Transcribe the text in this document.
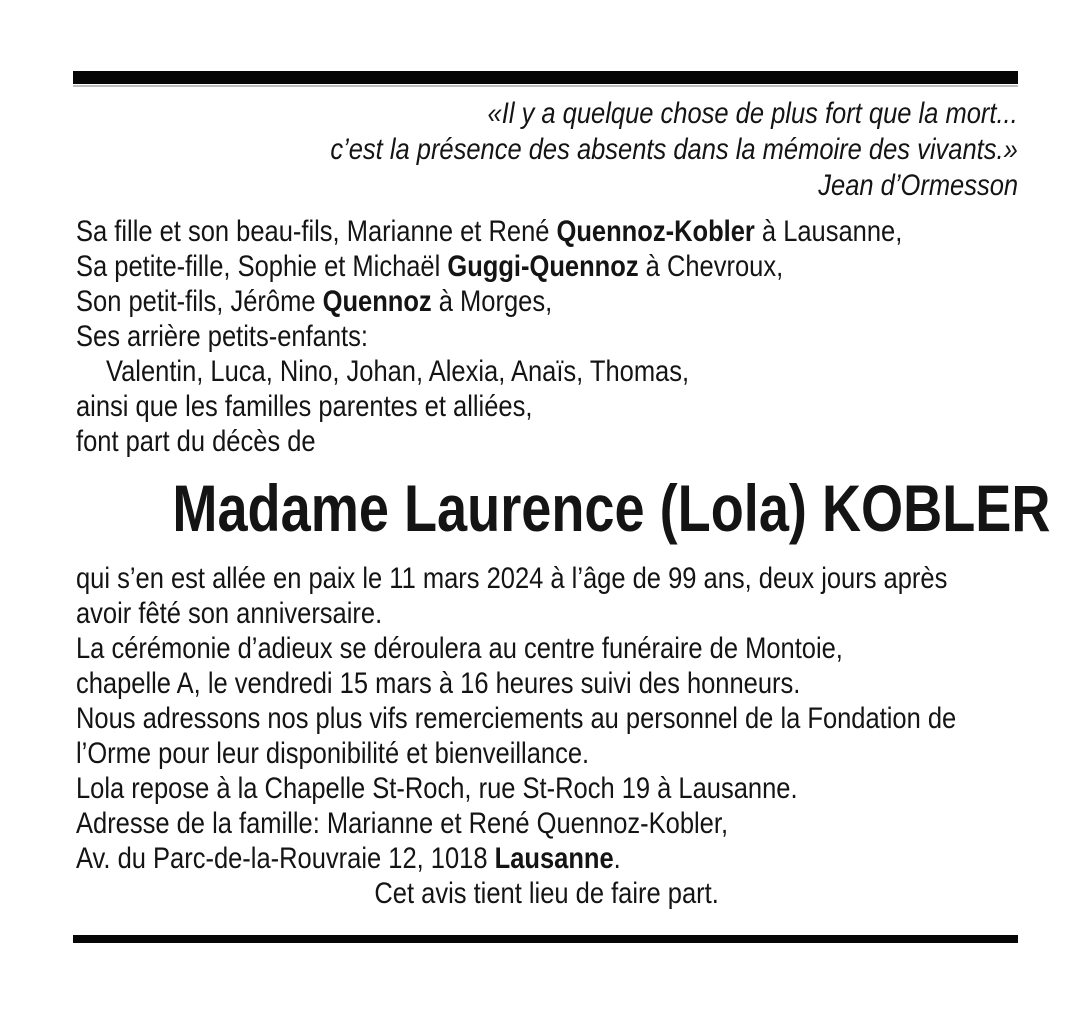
«Il y a quelque chose de plus fort que la mort...
c’est la présence des absents dans la mémoire des vivants.»
Jean d’Ormesson
Sa fille et son beau-fils, Marianne et René Quennoz-Kobler à Lausanne,
Sa petite-fille, Sophie et Michaël Guggi-Quennoz à Chevroux,
Son petit-fils, Jérôme Quennoz à Morges,
Ses arrière petits-enfants:
Valentin, Luca, Nino, Johan, Alexia, Anaïs, Thomas,
ainsi que les familles parentes et alliées,
font part du décès de
Madame Laurence (Lola) KOBLER
qui s’en est allée en paix le 11 mars 2024 à l’âge de 99 ans, deux jours après
avoir fêté son anniversaire.
La cérémonie d’adieux se déroulera au centre funéraire de Montoie,
chapelle A, le vendredi 15 mars à 16 heures suivi des honneurs.
Nous adressons nos plus vifs remerciements au personnel de la Fondation de
l’Orme pour leur disponibilité et bienveillance.
Lola repose à la Chapelle St-Roch, rue St-Roch 19 à Lausanne.
Adresse de la famille: Marianne et René Quennoz-Kobler,
Av. du Parc-de-la-Rouvraie 12, 1018 Lausanne.
Cet avis tient lieu de faire part.
